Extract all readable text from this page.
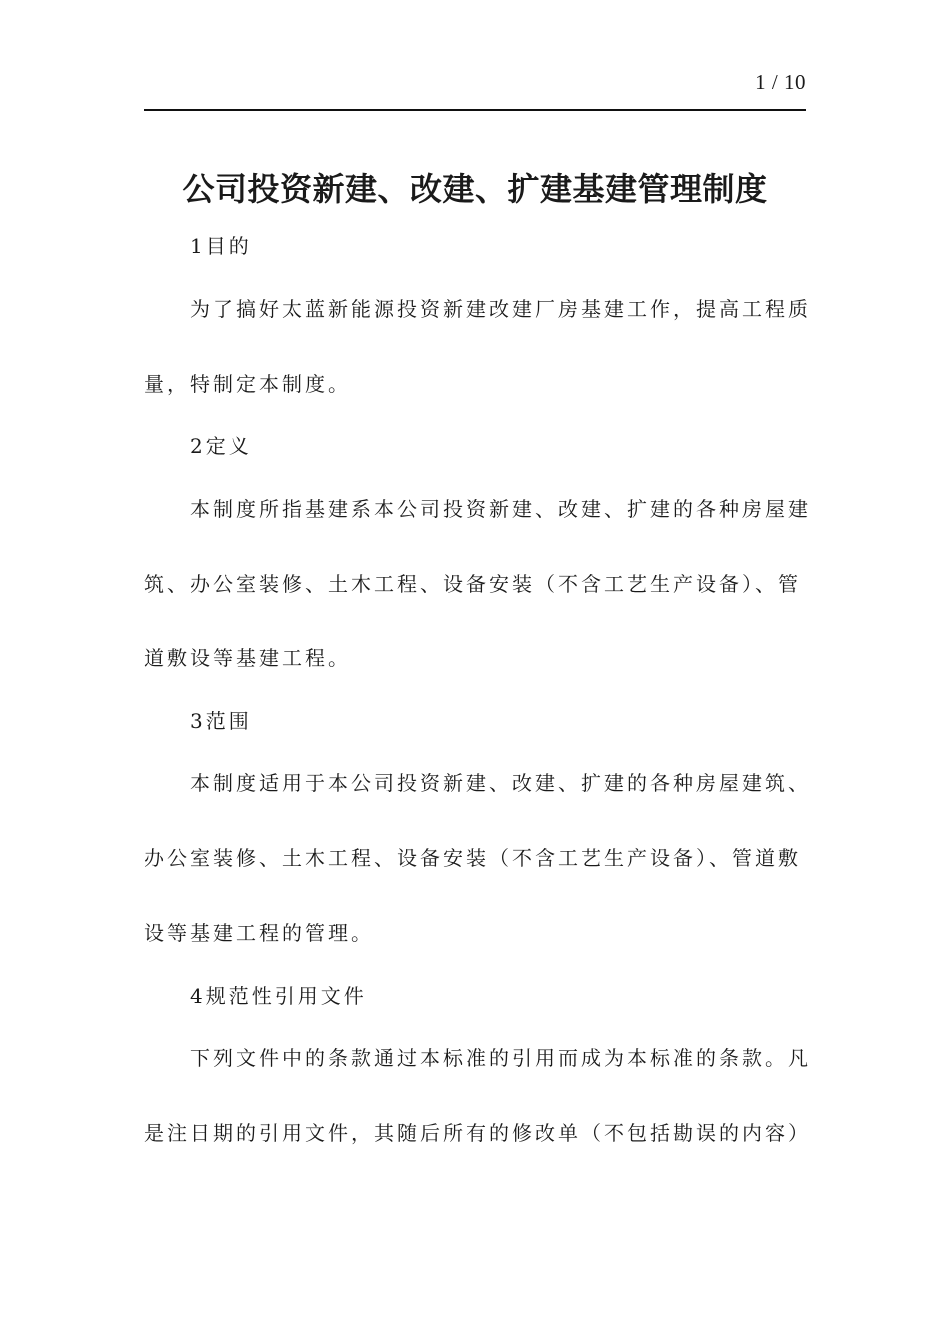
1 / 10
公司投资新建、改建、扩建基建管理制度
1目的
为了搞好太蓝新能源投资新建改建厂房基建工作，提高工程质
量，特制定本制度。
2定义
本制度所指基建系本公司投资新建、改建、扩建的各种房屋建
筑、办公室装修、土木工程、设备安装（不含工艺生产设备）、管
道敷设等基建工程。
3范围
本制度适用于本公司投资新建、改建、扩建的各种房屋建筑、
办公室装修、土木工程、设备安装（不含工艺生产设备）、管道敷
设等基建工程的管理。
4规范性引用文件
下列文件中的条款通过本标准的引用而成为本标准的条款。凡
是注日期的引用文件，其随后所有的修改单（不包括勘误的内容）
